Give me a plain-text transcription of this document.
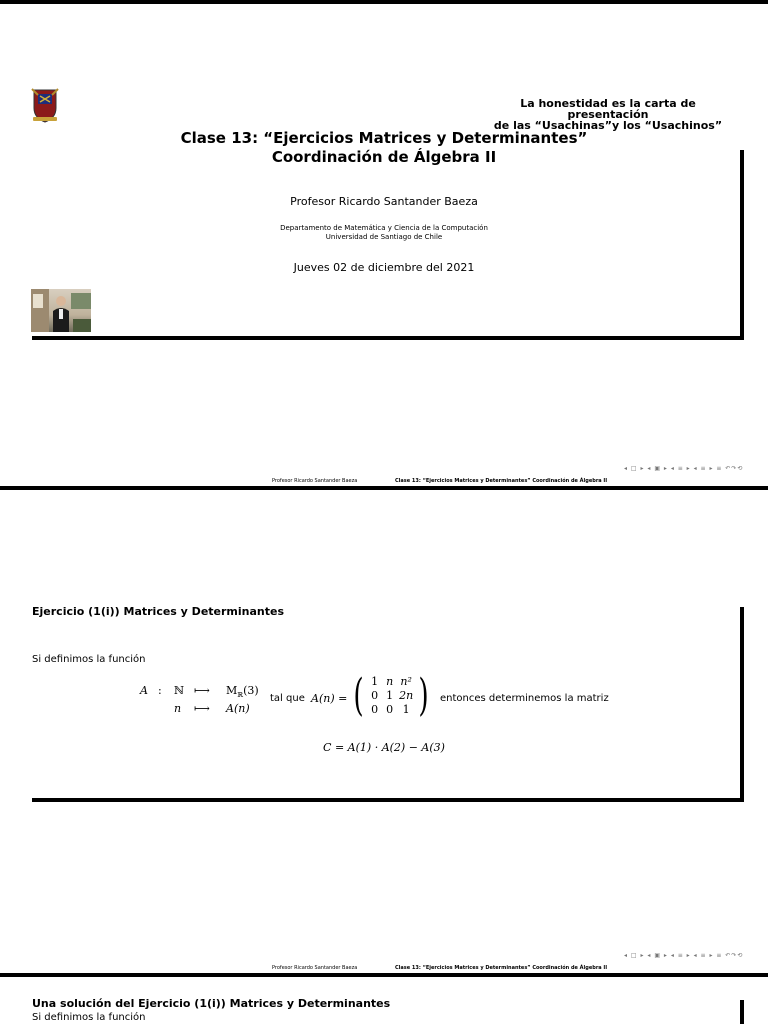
La honestidad es la carta de presentación
de las “Usachinas”y los “Usachinos”
Clase 13: “Ejercicios Matrices y Determinantes”
Coordinación de Álgebra II
Profesor Ricardo Santander Baeza
Departamento de Matemática y Ciencia de la Computación
Universidad de Santiago de Chile
Jueves 02 de diciembre del 2021
◂ □ ▸ ◂ ▣ ▸ ◂ ≡ ▸ ◂ ≡ ▸ ≡ ↶↷⟲
Profesor Ricardo Santander Baeza	Clase 13: “Ejercicios Matrices y Determinantes” Coordinación de Álgebra II
Ejercicio (1(i)) Matrices y Determinantes
Si definimos la función
A :	ℕ ⟼	$M_ℝ(3)$
n	⟼	A(n)
tal que A(n) = ( 1 n n²
0 1 2n
0 0 1 ) entonces determinemos la matriz
C = A(1) · A(2) − A(3)
◂ □ ▸ ◂ ▣ ▸ ◂ ≡ ▸ ◂ ≡ ▸ ≡ ↶↷⟲
Profesor Ricardo Santander Baeza	Clase 13: “Ejercicios Matrices y Determinantes” Coordinación de Álgebra II
Una solución del Ejercicio (1(i)) Matrices y Determinantes
Si definimos la función
